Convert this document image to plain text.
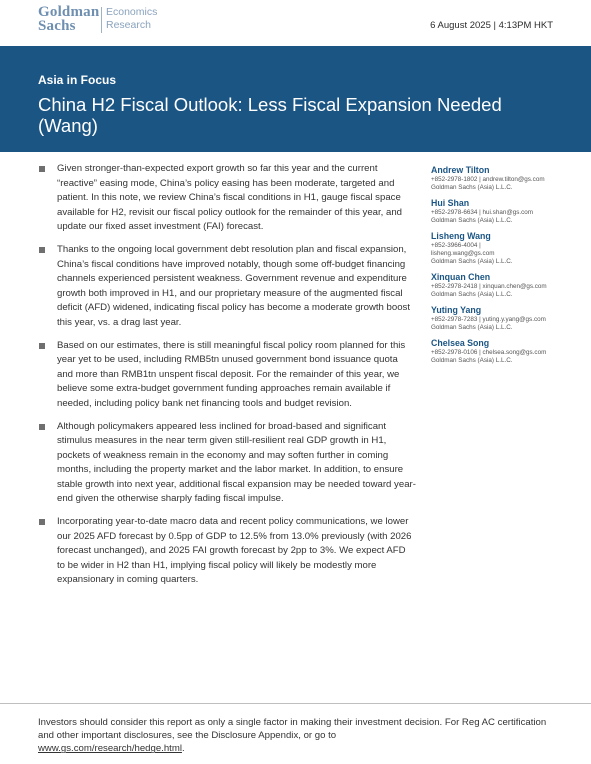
Goldman
Sachs
Economics
Research	6 August 2025 | 4:13PM HKT
Asia in Focus
China H2 Fiscal Outlook: Less Fiscal Expansion Needed (Wang)
Given stronger-than-expected export growth so far this year and the current “reactive” easing mode, China’s policy easing has been moderate, targeted and patient. In this note, we review China’s fiscal conditions in H1, gauge fiscal space available for H2, revisit our fiscal policy outlook for the remainder of this year, and update our fixed asset investment (FAI) forecast.
Thanks to the ongoing local government debt resolution plan and fiscal expansion, China’s fiscal conditions have improved notably, though some off-budget financing channels experienced persistent weakness. Government revenue and expenditure growth both improved in H1, and our proprietary measure of the augmented fiscal deficit (AFD) widened, indicating fiscal policy has become a moderate growth boost this year, vs. a drag last year.
Based on our estimates, there is still meaningful fiscal policy room planned for this year yet to be used, including RMB5tn unused government bond issuance quota and more than RMB1tn unspent fiscal deposit. For the remainder of this year, we believe some extra-budget government funding approaches remain available if needed, including policy bank net financing tools and budget revision.
Although policymakers appeared less inclined for broad-based and significant stimulus measures in the near term given still-resilient real GDP growth in H1, pockets of weakness remain in the economy and may soften further in coming months, including the property market and the labor market. In addition, to ensure stable growth into next year, additional fiscal expansion may be needed toward year-end given the otherwise sharply fading fiscal impulse.
Incorporating year-to-date macro data and recent policy communications, we lower our 2025 AFD forecast by 0.5pp of GDP to 12.5% from 13.0% previously (with 2026 forecast unchanged), and 2025 FAI growth forecast by 2pp to 3%. We expect AFD to be wider in H2 than H1, implying fiscal policy will likely be modestly more expansionary in coming quarters.
Andrew Tilton
+852-2978-1802 | andrew.tilton@gs.com
Goldman Sachs (Asia) L.L.C.
Hui Shan
+852-2978-6634 | hui.shan@gs.com
Goldman Sachs (Asia) L.L.C.
Lisheng Wang
+852-3966-4004 |
lisheng.wang@gs.com
Goldman Sachs (Asia) L.L.C.
Xinquan Chen
+852-2978-2418 | xinquan.chen@gs.com
Goldman Sachs (Asia) L.L.C.
Yuting Yang
+852-2978-7283 | yuting.y.yang@gs.com
Goldman Sachs (Asia) L.L.C.
Chelsea Song
+852-2978-0106 | chelsea.song@gs.com
Goldman Sachs (Asia) L.L.C.

Investors should consider this report as only a single factor in making their investment decision. For Reg AC certification and other important disclosures, see the Disclosure Appendix, or go to
www.gs.com/research/hedge.html.
